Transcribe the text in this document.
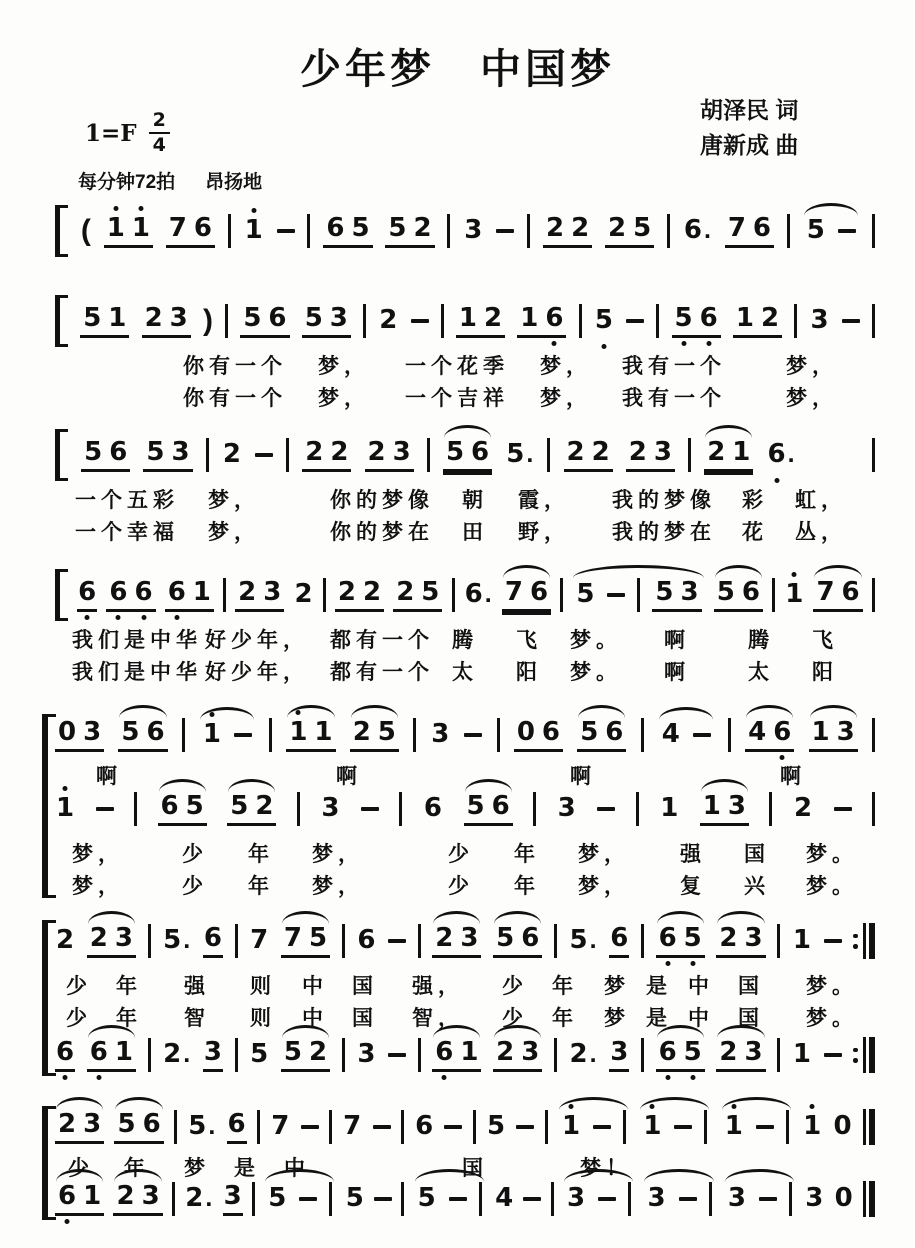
少年梦　中国梦
$1=F \frac{2}{4}$
胡泽民 词
唐新成 曲
每分钟72拍 昂扬地
( 1 1 7 6 1 6 5 5 2 3 2 2 2 5 6 . 7 6 5
5 1 2 3 ) 5 6 5 3 2 1 2 1 6 5 5 6 1 2 3
你有一个 梦， 一个花季 梦， 我有一个	梦，
你有一个 梦， 一个吉祥 梦， 我有一个	梦，
5 6 5 3 2 2 2 2 3 5 6 5 . 2 2 2 3 2 1 6 .
一个五彩 梦，	你的梦像 朝 霞， 我的梦像 彩 虹，
一个幸福 梦，	你的梦在 田 野， 我的梦在 花 丛，
6 6 6 6 1 2 3 2 2 2 2 5 6 . 7 6 5 5 3 5 6 1 7 6
我们是中华 好少年， 都有一个 腾 飞 梦。 啊	腾 飞
我们是中华 好少年， 都有一个 太 阳 梦。 啊	太 阳
0 3 5 6 1	1 1 2 5 3	0 6 5 6 4	4 6 1 3
啊	啊	啊	啊
1	6 5 5 2 3	6 5 6 3	1 1 3 2
梦，	少 年 梦，	少 年 梦， 强 国 梦。
梦，	少 年 梦，	少 年 梦， 复 兴 梦。
2 2 3 5 . 6 7 7 5 6 2 3 5 6 5 . 6 6 5 2 3 1
少 年 强 则 中 国 强， 少 年 梦 是 中 国 梦。
少 年 智 则 中 国 智， 少 年 梦 是 中 国 梦。
6 6 1 2 . 3 5 5 2 3 6 1 2 3 2 . 3 6 5 2 3 1
2 3 5 6 5 . 6 7 7 6 5 1 1 1 1 0
少 年 梦 是 中	国	梦！
6 1 2 3 2 . 3 5 5 5 4 3 3 3 3 0
